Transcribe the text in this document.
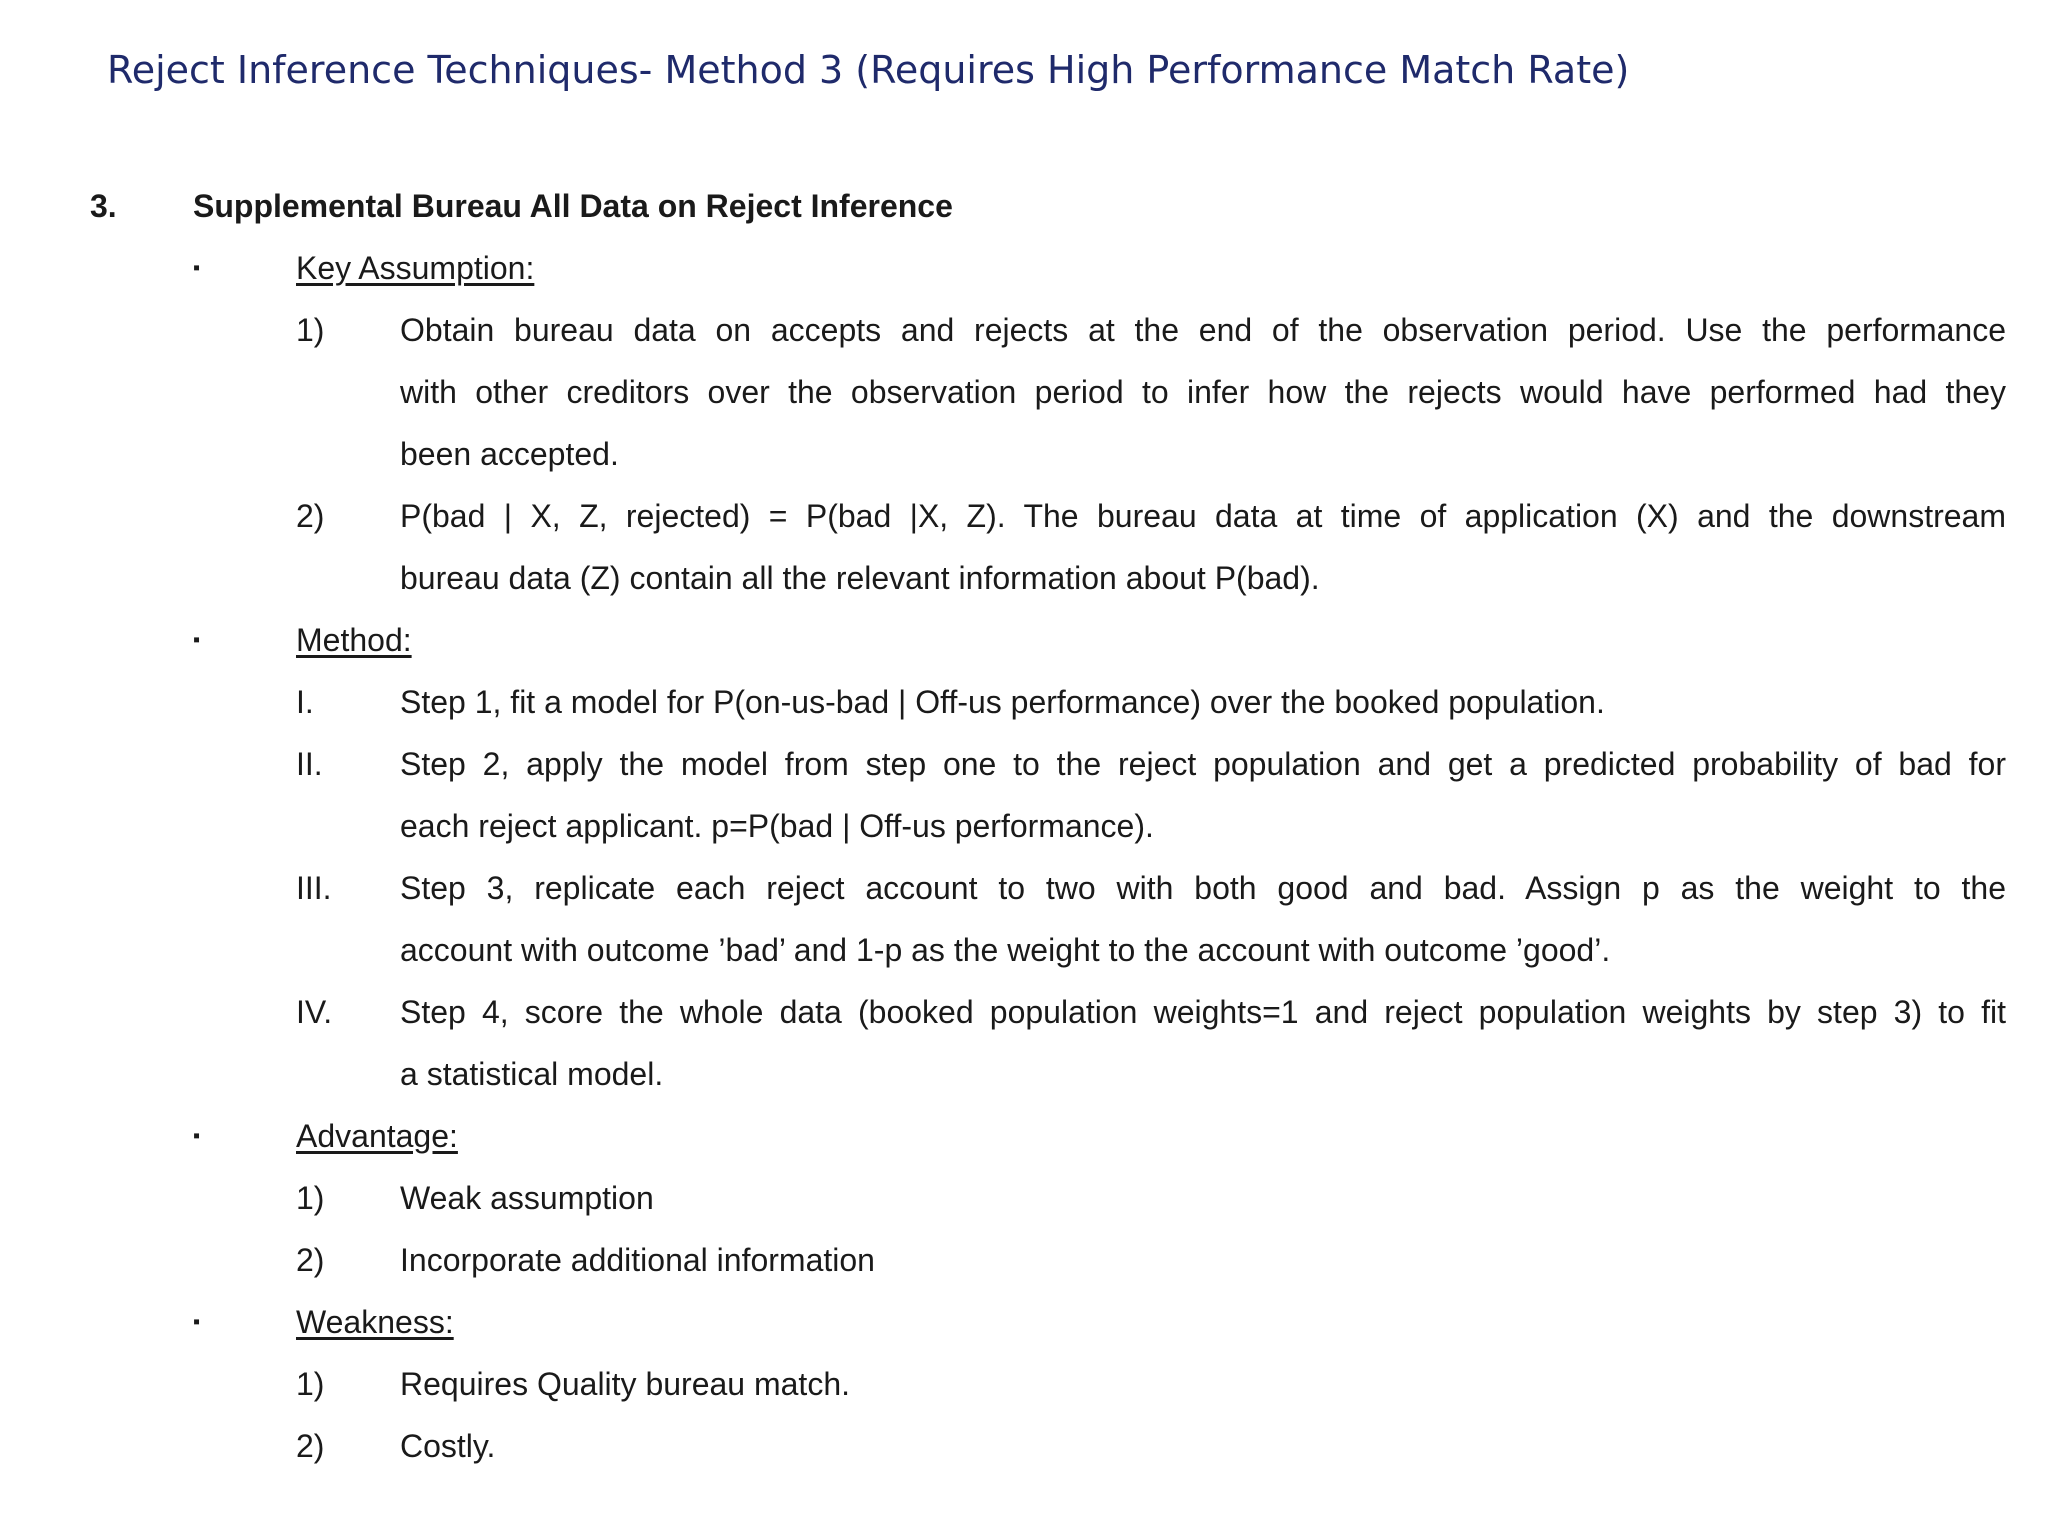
Reject Inference Techniques- Method 3 (Requires High Performance Match Rate)
3. Supplemental Bureau All Data on Reject Inference
▪	Key Assumption:
1) Obtain bureau data on accepts and rejects at the end of the observation period. Use the performance
with other creditors over the observation period to infer how the rejects would have performed had they
been accepted.
2) P(bad | X, Z, rejected) = P(bad |X, Z). The bureau data at time of application (X) and the downstream
bureau data (Z) contain all the relevant information about P(bad).
▪	Method:
I.	Step 1, fit a model for P(on-us-bad | Off-us performance) over the booked population.
II. Step 2, apply the model from step one to the reject population and get a predicted probability of bad for
each reject applicant. p=P(bad | Off-us performance).
III. Step 3, replicate each reject account to two with both good and bad. Assign p as the weight to the
account with outcome ’bad’ and 1-p as the weight to the account with outcome ’good’.
IV. Step 4, score the whole data (booked population weights=1 and reject population weights by step 3) to fit
a statistical model.
▪	Advantage:
1) Weak assumption
2) Incorporate additional information
▪	Weakness:
1) Requires Quality bureau match.
2) Costly.
